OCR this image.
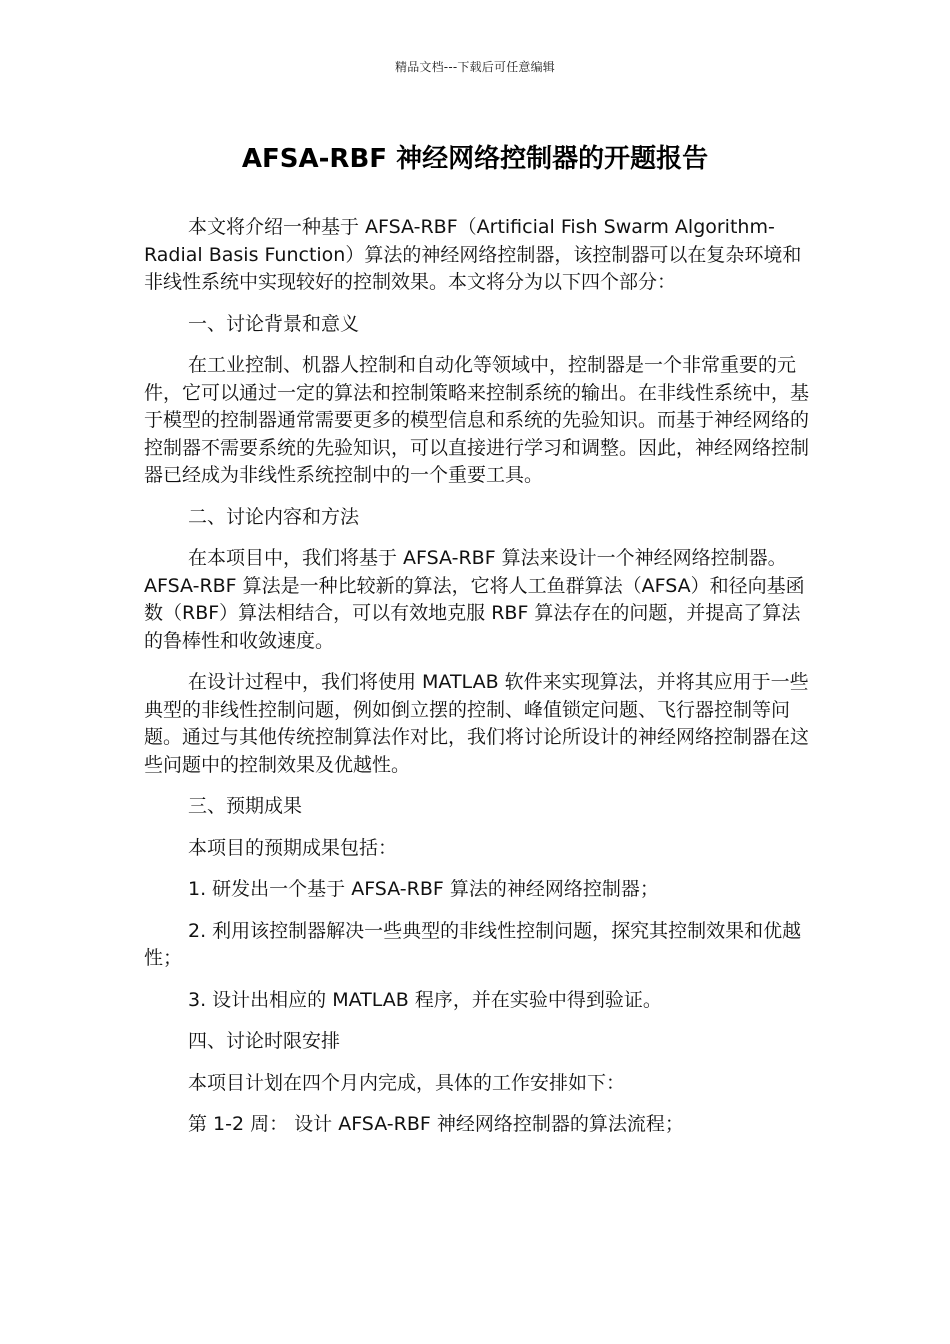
精品文档---下载后可任意编辑
AFSA-RBF 神经网络控制器的开题报告

本文将介绍一种基于 AFSA-RBF（Artificial Fish Swarm Algorithm-Radial Basis Function）算法的神经网络控制器，该控制器可以在复杂环境和非线性系统中实现较好的控制效果。本文将分为以下四个部分：

一、讨论背景和意义

在工业控制、机器人控制和自动化等领域中，控制器是一个非常重要的元件，它可以通过一定的算法和控制策略来控制系统的输出。在非线性系统中，基于模型的控制器通常需要更多的模型信息和系统的先验知识。而基于神经网络的控制器不需要系统的先验知识，可以直接进行学习和调整。因此，神经网络控制器已经成为非线性系统控制中的一个重要工具。

二、讨论内容和方法

在本项目中，我们将基于 AFSA-RBF 算法来设计一个神经网络控制器。AFSA-RBF 算法是一种比较新的算法，它将人工鱼群算法（AFSA）和径向基函数（RBF）算法相结合，可以有效地克服 RBF 算法存在的问题，并提高了算法的鲁棒性和收敛速度。

在设计过程中，我们将使用 MATLAB 软件来实现算法，并将其应用于一些典型的非线性控制问题，例如倒立摆的控制、峰值锁定问题、飞行器控制等问题。通过与其他传统控制算法作对比，我们将讨论所设计的神经网络控制器在这些问题中的控制效果及优越性。

三、预期成果

本项目的预期成果包括：

1. 研发出一个基于 AFSA-RBF 算法的神经网络控制器；

2. 利用该控制器解决一些典型的非线性控制问题，探究其控制效果和优越性；

3. 设计出相应的 MATLAB 程序，并在实验中得到验证。

四、讨论时限安排

本项目计划在四个月内完成，具体的工作安排如下：

第 1-2 周： 设计 AFSA-RBF 神经网络控制器的算法流程；
